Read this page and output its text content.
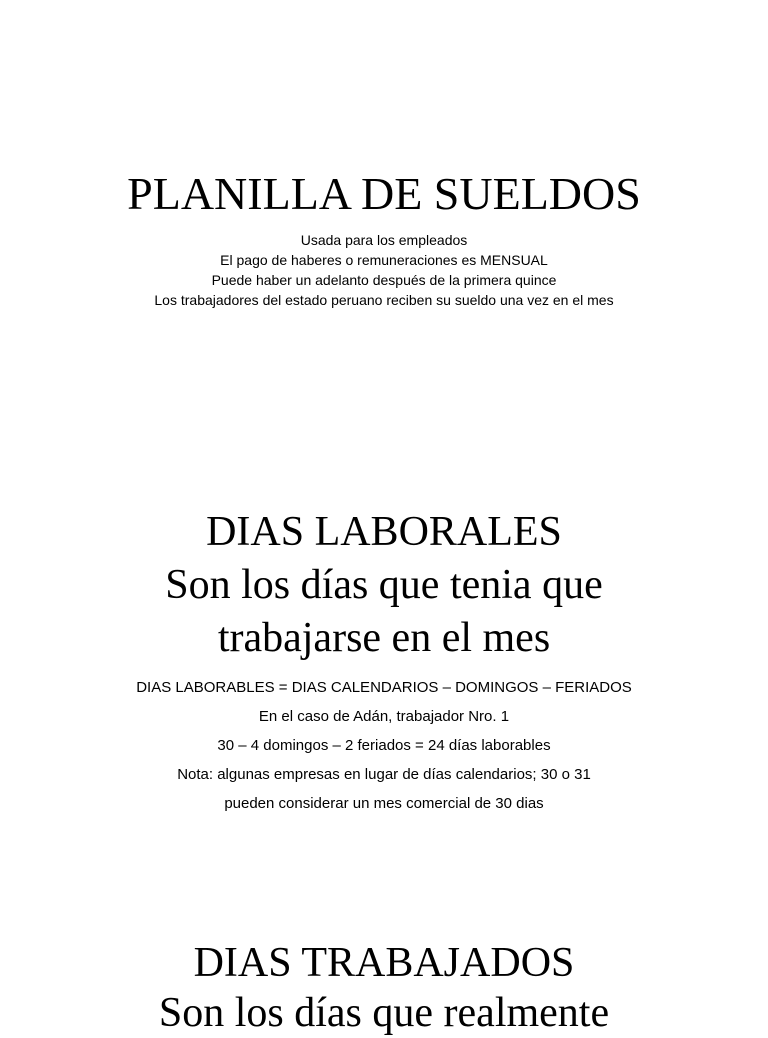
PLANILLA DE SUELDOS

Usada para los empleados

El pago de haberes o remuneraciones es MENSUAL

Puede haber un adelanto después de la primera quince

Los trabajadores del estado peruano reciben su sueldo una vez en el mes

DIAS LABORALES
Son los días que tenia que
trabajarse en el mes

DIAS LABORABLES = DIAS CALENDARIOS – DOMINGOS – FERIADOS

En el caso de Adán, trabajador Nro. 1

30 – 4 domingos – 2 feriados = 24 días laborables

Nota: algunas empresas en lugar de días calendarios; 30 o 31

pueden considerar un mes comercial de 30 dias

DIAS TRABAJADOS
Son los días que realmente
